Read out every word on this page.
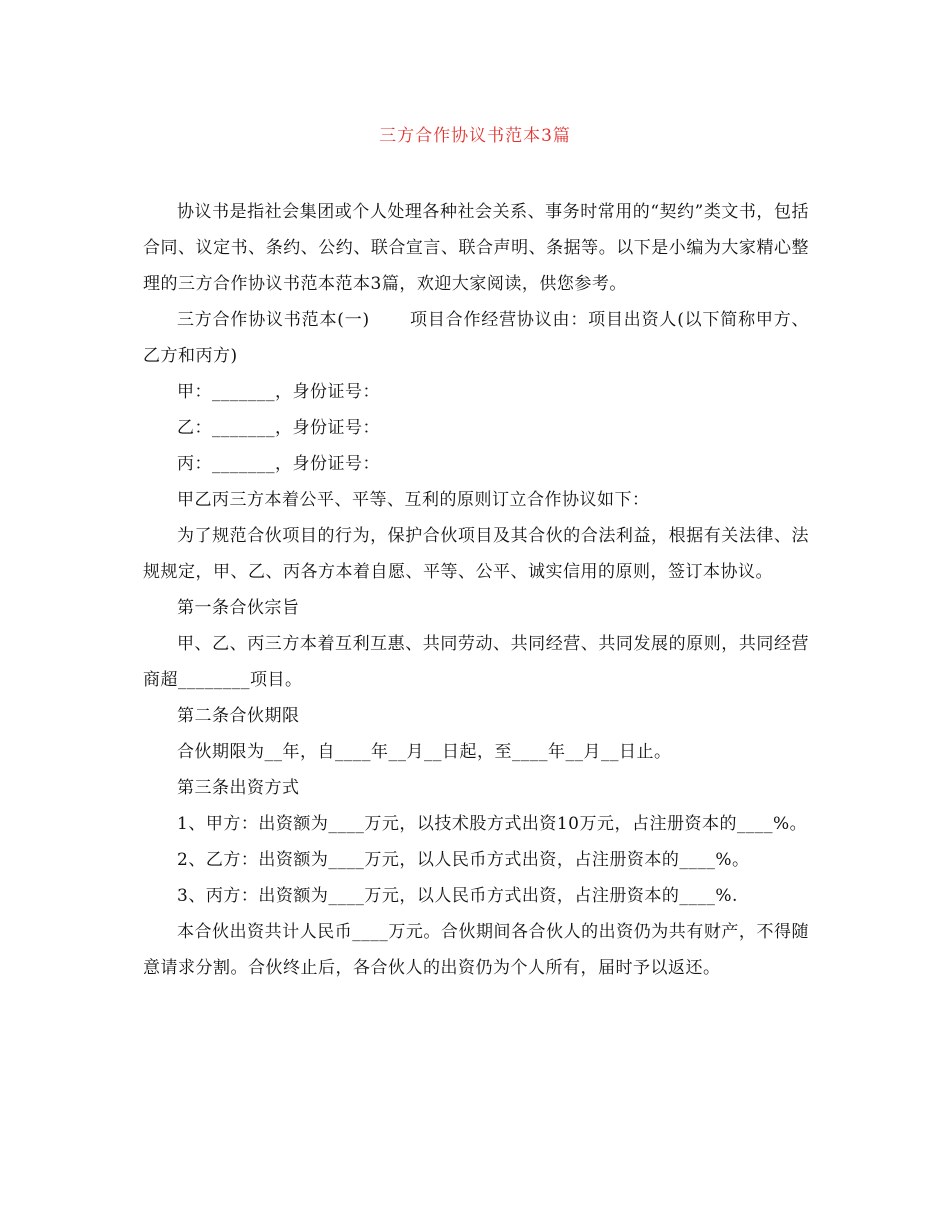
三方合作协议书范本3篇

协议书是指社会集团或个人处理各种社会关系、事务时常用的“契约”类文书，包括合同、议定书、条约、公约、联合宣言、联合声明、条据等。以下是小编为大家精心整理的三方合作协议书范本范本3篇，欢迎大家阅读，供您参考。

三方合作协议书范本(一) 项目合作经营协议由：项目出资人(以下简称甲方、乙方和丙方)

甲：_______，身份证号：

乙：_______，身份证号：

丙：_______，身份证号：

甲乙丙三方本着公平、平等、互利的原则订立合作协议如下：

为了规范合伙项目的行为，保护合伙项目及其合伙的合法利益，根据有关法律、法规规定，甲、乙、丙各方本着自愿、平等、公平、诚实信用的原则，签订本协议。

第一条合伙宗旨

甲、乙、丙三方本着互利互惠、共同劳动、共同经营、共同发展的原则，共同经营商超________项目。

第二条合伙期限

合伙期限为__年，自____年__月__日起，至____年__月__日止。

第三条出资方式

1、甲方：出资额为____万元，以技术股方式出资10万元，占注册资本的____%。

2、乙方：出资额为____万元，以人民币方式出资，占注册资本的____%。

3、丙方：出资额为____万元，以人民币方式出资，占注册资本的____%.

本合伙出资共计人民币____万元。合伙期间各合伙人的出资仍为共有财产，不得随意请求分割。合伙终止后，各合伙人的出资仍为个人所有，届时予以返还。
